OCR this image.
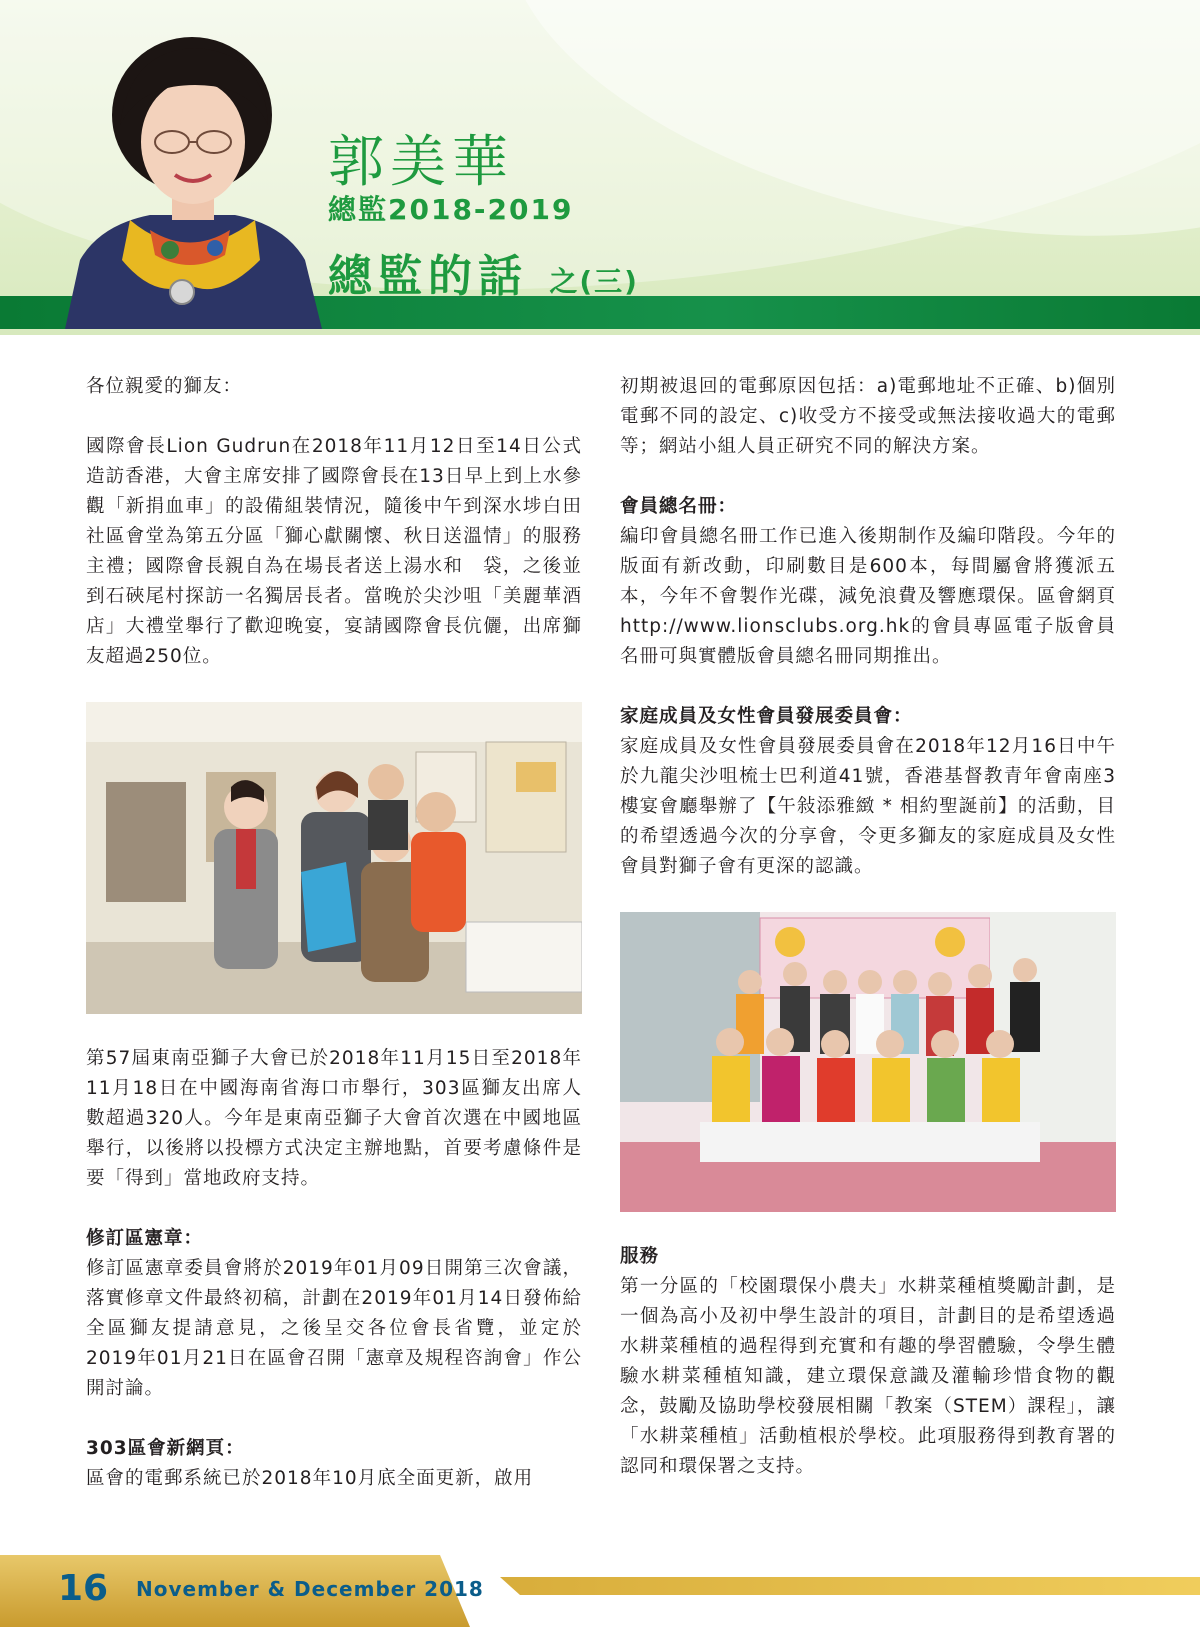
郭美華
總監2018-2019
總監的話 之(三)

各位親愛的獅友：

國際會長Lion Gudrun在2018年11月12日至14日公式造訪香港，大會主席安排了國際會長在13日早上到上水參觀「新捐血車」的設備組裝情況，隨後中午到深水埗白田社區會堂為第五分區「獅心獻關懷、秋日送溫情」的服務主禮；國際會長親自為在場長者送上湯水和　袋，之後並到石硤尾村探訪一名獨居長者。當晚於尖沙咀「美麗華酒店」大禮堂舉行了歡迎晚宴，宴請國際會長伉儷，出席獅友超過250位。

第57屆東南亞獅子大會已於2018年11月15日至2018年11月18日在中國海南省海口市舉行，303區獅友出席人數超過320人。今年是東南亞獅子大會首次選在中國地區舉行，以後將以投標方式決定主辦地點，首要考慮條件是要「得到」當地政府支持。

修訂區憲章：

修訂區憲章委員會將於2019年01月09日開第三次會議，落實修章文件最終初稿，計劃在2019年01月14日發佈給全區獅友提請意見，之後呈交各位會長省覽，並定於2019年01月21日在區會召開「憲章及規程咨詢會」作公開討論。

303區會新網頁：

區會的電郵系統已於2018年10月底全面更新，啟用

初期被退回的電郵原因包括：a)電郵地址不正確、b)個別電郵不同的設定、c)收受方不接受或無法接收過大的電郵等；網站小組人員正研究不同的解決方案。

會員總名冊：

編印會員總名冊工作已進入後期制作及編印階段。今年的版面有新改動，印刷數目是600本，每間屬會將獲派五本，今年不會製作光碟，減免浪費及響應環保。區會網頁http://www.lionsclubs.org.hk的會員專區電子版會員名冊可與實體版會員總名冊同期推出。

家庭成員及女性會員發展委員會：

家庭成員及女性會員發展委員會在2018年12月16日中午於九龍尖沙咀梳士巴利道41號，香港基督教青年會南座3樓宴會廳舉辦了【午敍添雅緻 * 相約聖誕前】的活動，目的希望透過今次的分享會，令更多獅友的家庭成員及女性會員對獅子會有更深的認識。

服務

第一分區的「校園環保小農夫」水耕菜種植獎勵計劃，是一個為高小及初中學生設計的項目，計劃目的是希望透過水耕菜種植的過程得到充實和有趣的學習體驗，令學生體驗水耕菜種植知識，建立環保意識及灌輸珍惜食物的觀念，鼓勵及協助學校發展相關「教案（STEM）課程」，讓「水耕菜種植」活動植根於學校。此項服務得到教育署的認同和環保署之支持。

16 November & December 2018
